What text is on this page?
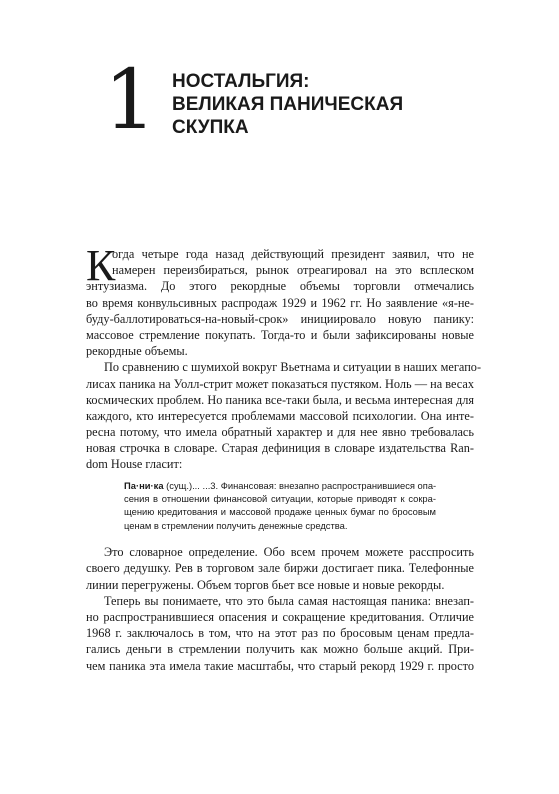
1 НОСТАЛЬГИЯ:
ВЕЛИКАЯ ПАНИЧЕСКАЯ
СКУПКА
К
огда четыре года назад действующий президент заявил, что не
намерен переизбираться, рынок отреагировал на это всплеском
энтузиазма. До этого рекордные объемы торговли отмечались
во время конвульсивных распродаж 1929 и 1962 гг. Но заявление «я-не-
буду-баллотироваться-на-новый-срок» инициировало новую панику:
массовое стремление покупать. Тогда-то и были зафиксированы новые
рекордные объемы.
По сравнению с шумихой вокруг Вьетнама и ситуации в наших мегапо-
лисах паника на Уолл-стрит может показаться пустяком. Ноль — на весах
космических проблем. Но паника все-таки была, и весьма интересная для
каждого, кто интересуется проблемами массовой психологии. Она инте-
ресна потому, что имела обратный характер и для нее явно требовалась
новая строчка в словаре. Старая дефиниция в словаре издательства Ran-
dom House гласит:
Па·ни·ка (сущ.)... ...3. Финансовая: внезапно распространившиеся опа-
сения в отношении финансовой ситуации, которые приводят к сокра-
щению кредитования и массовой продаже ценных бумаг по бросовым
ценам в стремлении получить денежные средства.
Это словарное определение. Обо всем прочем можете расспросить
своего дедушку. Рев в торговом зале биржи достигает пика. Телефонные
линии перегружены. Объем торгов бьет все новые и новые рекорды.
Теперь вы понимаете, что это была самая настоящая паника: внезап-
но распространившиеся опасения и сокращение кредитования. Отличие
1968 г. заключалось в том, что на этот раз по бросовым ценам предла-
гались деньги в стремлении получить как можно больше акций. При-
чем паника эта имела такие масштабы, что старый рекорд 1929 г. просто
